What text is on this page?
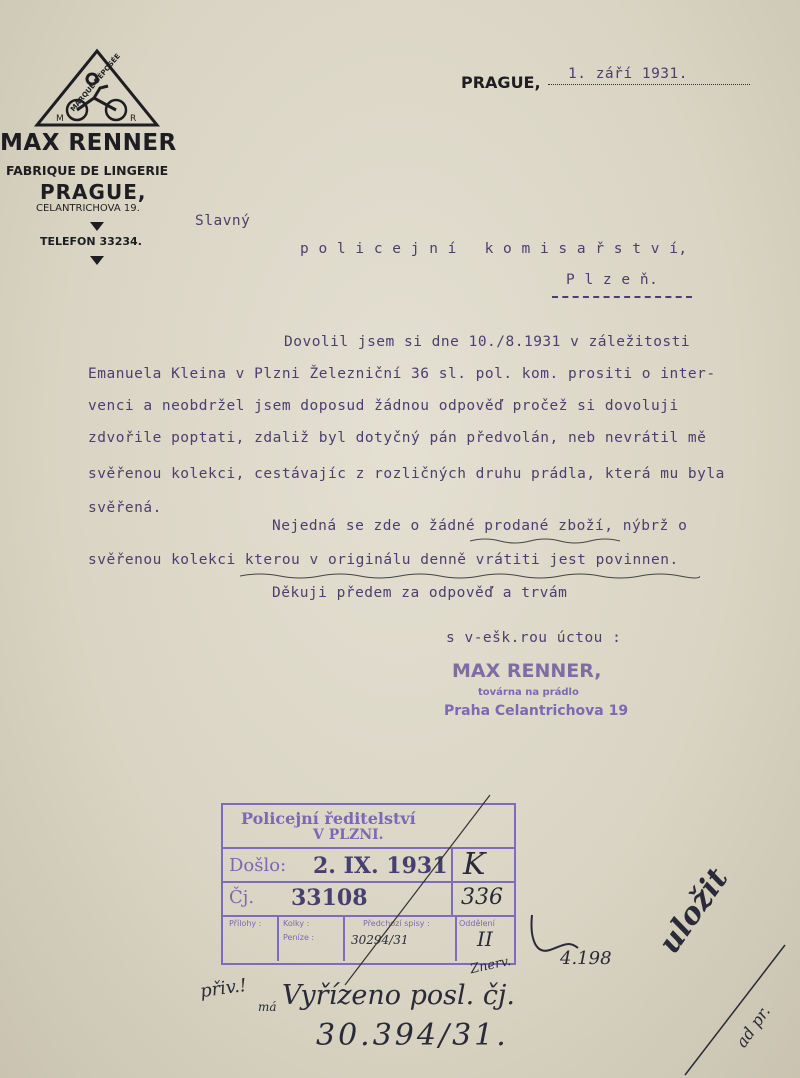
MARQUE DÉPOSÉE
M	R
MAX RENNER
FABRIQUE DE LINGERIE
PRAGUE,
CELANTRICHOVA 19.
TELEFON 33234.
PRAGUE, 1. září 1931.
Slavný
p o l i c e j n í   k o m i s a ř s t v í,
P l z e ň.
Dovolil jsem si dne 10./8.1931 v záležitosti
Emanuela Kleina v Plzni Železniční 36 sl. pol. kom. prositi o inter-
venci a neobdržel jsem doposud žádnou odpověď pročež si dovoluji
zdvořile poptati, zdaliž byl dotyčný pán předvolán, neb nevrátil mě
svěřenou kolekci, cestávajíc z rozličných druhu prádla, která mu byla
svěřená.
Nejedná se zde o žádné prodané zboží, nýbrž o
svěřenou kolekci kterou v originálu denně vrátiti jest povinnen.
Děkuji předem za odpověď a trvám
s v-ešk.rou úctou :
MAX RENNER,
továrna na prádlo
Praha Celantrichova 19
Policejní ředitelství
V PLZNI.
Došlo: 2. IX. 1931
Čj. 33108
K
336
Přílohy :	Kolky :
Peníze :
Předchozí spisy :
30294/31
Oddělení
II
přiv.!
má Vyřízeno posl. čj.
30.394/31.
4.198
Znerv.
uložit
ad pr.
